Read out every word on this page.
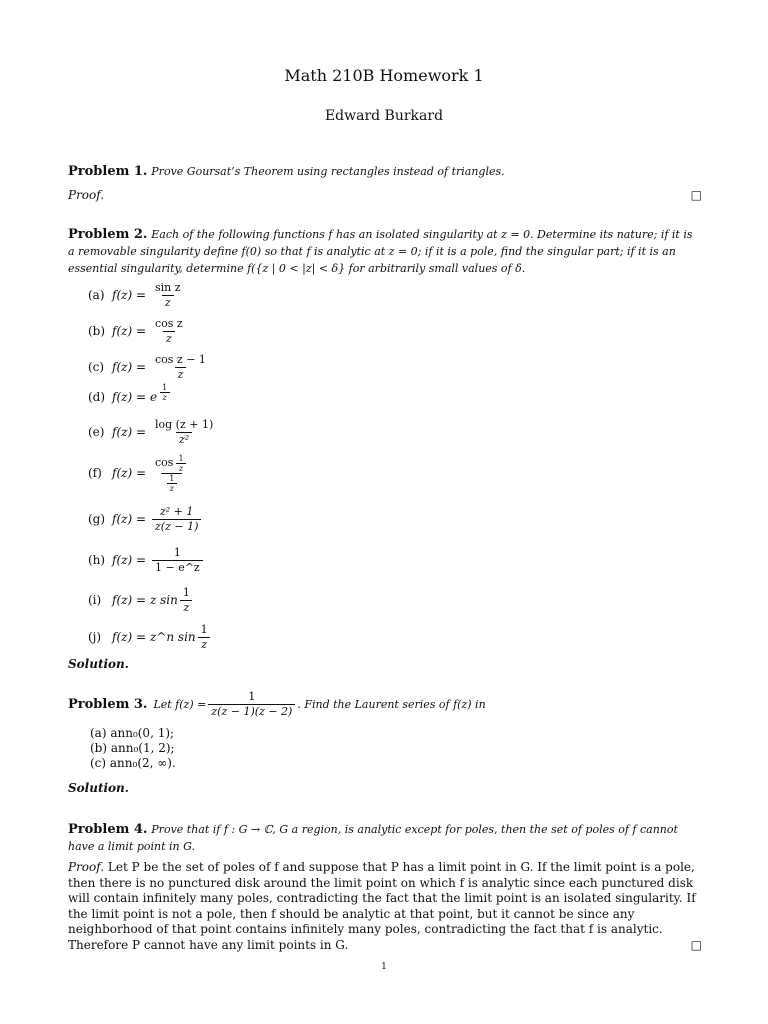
Math 210B Homework 1
Edward Burkard
Problem 1. Prove Goursat’s Theorem using rectangles instead of triangles.
Proof.	□
Problem 2. Each of the following functions f has an isolated singularity at z = 0. Determine its nature; if it is a removable singularity define f(0) so that f is analytic at z = 0; if it is a pole, find the singular part; if it is an essential singularity, determine f({z | 0 < |z| < δ} for arbitrarily small values of δ.
(a) $f(z) = \frac{\text{sin z}}{z}$
(b) $f(z) = \frac{\text{cos z}}{z}$
(c) $f(z) = \frac{\text{cos z − 1}}{z}$
(d) f(z) = e $\frac{1}{z}$
(e) $f(z) = \frac{\log (z + 1)}{\text{z²}}$
(f) $f(z) = \frac{\cos \frac{1}{z}}{\frac{1}{z}}$
(g) $f(z) = \frac{\text{z² + 1}}{z(z - 1)}$
(h) $f(z) = \frac{1}{1 - e\^{}z}$
(i) f(z) = z $\sin \frac{1}{z}$
(j) f(z) = z^n $\sin \frac{1}{z}$
Solution.
Problem 3. Let $f(z) = \frac{1}{z(z - 1)(z - 2)}$ . Find the Laurent series of f(z) in
(a) ann₀(0, 1);
(b) ann₀(1, 2);
(c) ann₀(2, ∞).
Solution.
Problem 4. Prove that if f : G → ℂ, G a region, is analytic except for poles, then the set of poles of f cannot have a limit point in G.
Proof. Let P be the set of poles of f and suppose that P has a limit point in G. If the limit point is a pole, then there is no punctured disk around the limit point on which f is analytic since each punctured disk will contain infinitely many poles, contradicting the fact that the limit point is an isolated singularity. If the limit point is not a pole, then f should be analytic at that point, but it cannot be since any neighborhood of that point contains infinitely many poles, contradicting the fact that f is analytic. Therefore P cannot have any limit points in G.	□
1
